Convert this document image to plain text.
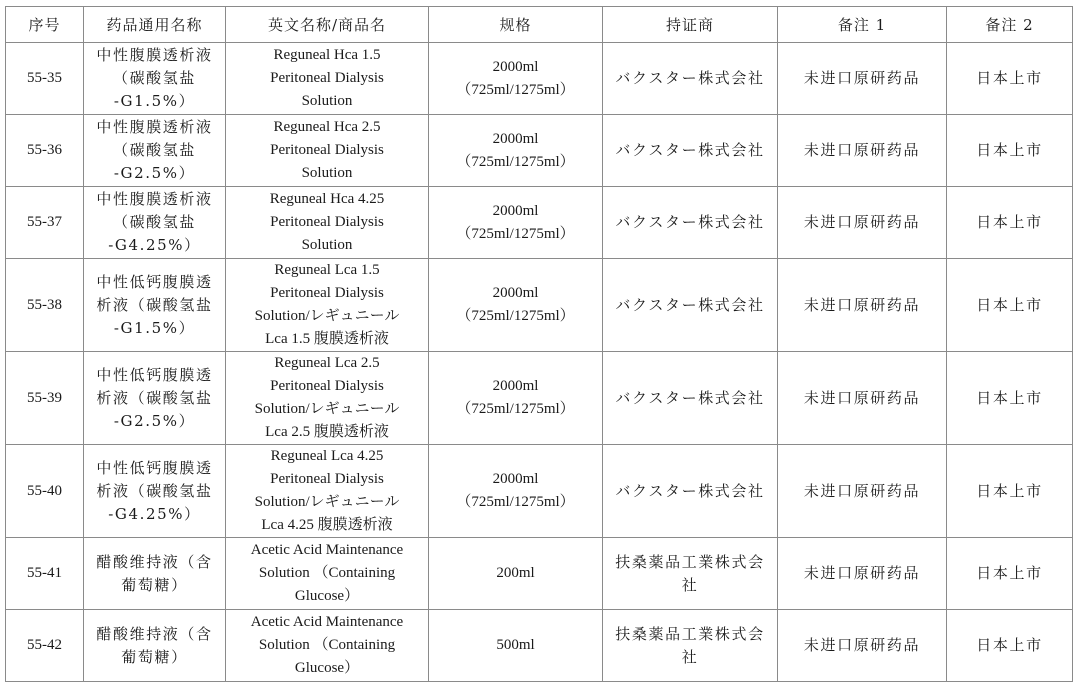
序号	药品通用名称	英文名称/商品名	规格	持证商	备注 1	备注 2
55-35	中性腹膜透析液
（碳酸氢盐
-G1.5%）	Reguneal Hca 1.5
Peritoneal Dialysis
Solution	2000ml
（725ml/1275ml）	バクスター株式会社	未进口原研药品	日本上市
55-36	中性腹膜透析液
（碳酸氢盐
-G2.5%）	Reguneal Hca 2.5
Peritoneal Dialysis
Solution	2000ml
（725ml/1275ml）	バクスター株式会社	未进口原研药品	日本上市
55-37	中性腹膜透析液
（碳酸氢盐
-G4.25%）	Reguneal Hca 4.25
Peritoneal Dialysis
Solution	2000ml
（725ml/1275ml）	バクスター株式会社	未进口原研药品	日本上市
55-38	中性低钙腹膜透
析液（碳酸氢盐
-G1.5%）	Reguneal Lca 1.5
Peritoneal Dialysis
Solution/レギュニール
Lca 1.5 腹膜透析液	2000ml
（725ml/1275ml）	バクスター株式会社	未进口原研药品	日本上市
55-39	中性低钙腹膜透
析液（碳酸氢盐
-G2.5%）	Reguneal Lca 2.5
Peritoneal Dialysis
Solution/レギュニール
Lca 2.5 腹膜透析液	2000ml
（725ml/1275ml）	バクスター株式会社	未进口原研药品	日本上市
55-40	中性低钙腹膜透
析液（碳酸氢盐
-G4.25%）	Reguneal Lca 4.25
Peritoneal Dialysis
Solution/レギュニール
Lca 4.25 腹膜透析液	2000ml
（725ml/1275ml）	バクスター株式会社	未进口原研药品	日本上市
55-41	醋酸维持液（含
葡萄糖）	Acetic Acid Maintenance
Solution （Containing
Glucose）	200ml	扶桑薬品工業株式会
社	未进口原研药品	日本上市
55-42	醋酸维持液（含
葡萄糖）	Acetic Acid Maintenance
Solution （Containing
Glucose）	500ml	扶桑薬品工業株式会
社	未进口原研药品	日本上市
